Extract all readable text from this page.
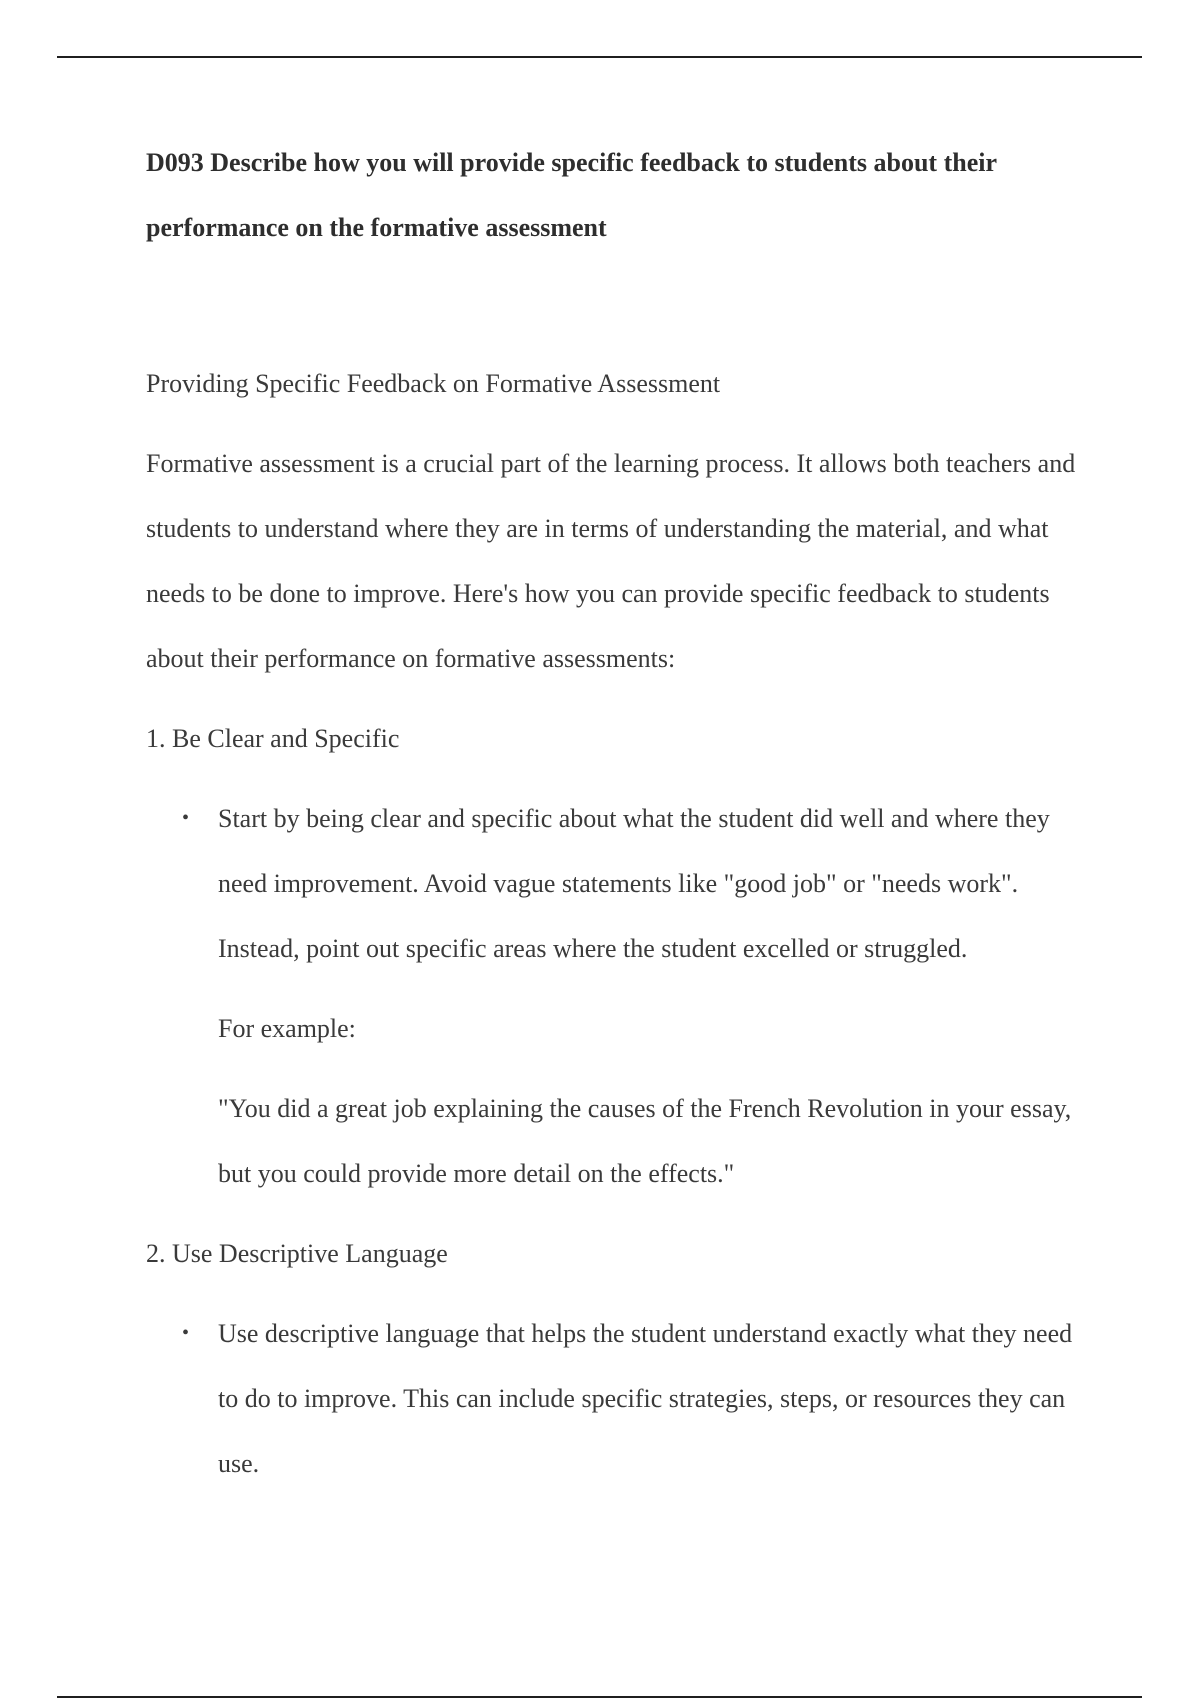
D093 Describe how you will provide specific feedback to students about their performance on the formative assessment
Providing Specific Feedback on Formative Assessment

Formative assessment is a crucial part of the learning process. It allows both teachers and students to understand where they are in terms of understanding the material, and what needs to be done to improve. Here's how you can provide specific feedback to students about their performance on formative assessments:

1. Be Clear and Specific

• Start by being clear and specific about what the student did well and where they need improvement. Avoid vague statements like "good job" or "needs work". Instead, point out specific areas where the student excelled or struggled.

For example:

"You did a great job explaining the causes of the French Revolution in your essay, but you could provide more detail on the effects."

2. Use Descriptive Language

• Use descriptive language that helps the student understand exactly what they need to do to improve. This can include specific strategies, steps, or resources they can use.
